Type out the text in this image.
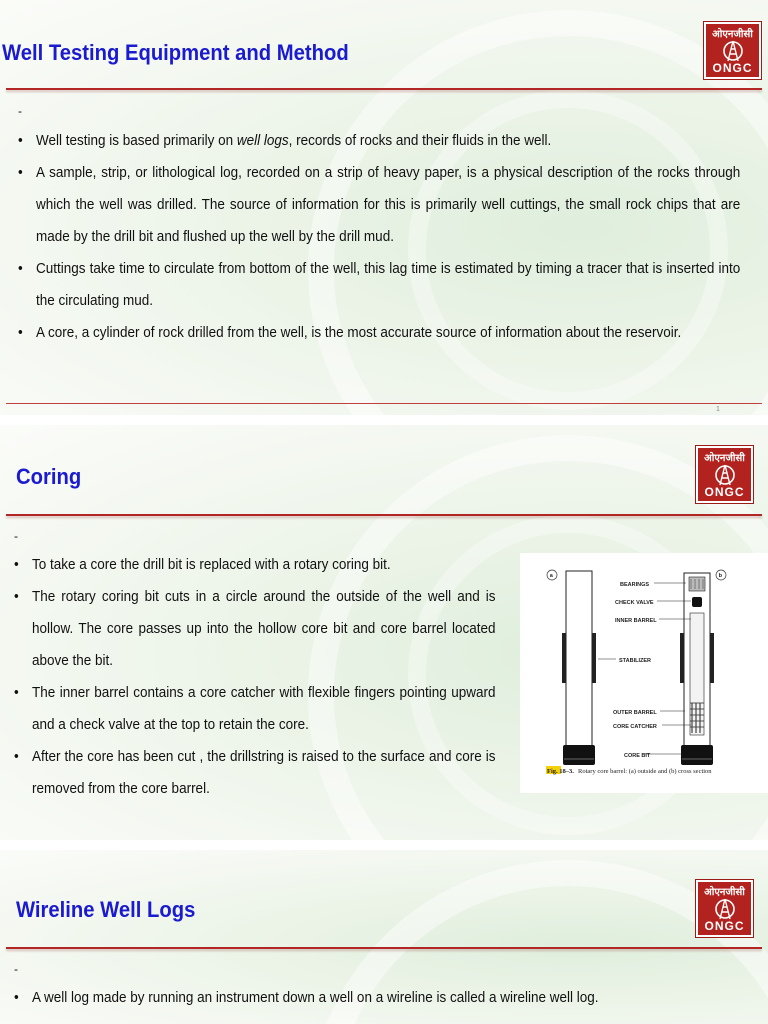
Well Testing Equipment and Method
ओएनजीसी
ONGC
-
• Well testing is based primarily on well logs, records of rocks and their fluids in the well.
• A sample, strip, or lithological log, recorded on a strip of heavy paper, is a physical description of the rocks through which the well was drilled. The source of information for this is primarily well cuttings, the small rock chips that are made by the drill bit and flushed up the well by the drill mud.
• Cuttings take time to circulate from bottom of the well, this lag time is estimated by timing a tracer that is inserted into the circulating mud.
• A core, a cylinder of rock drilled from the well, is the most accurate source of information about the reservoir.
1
Coring
ओएनजीसी
ONGC
-
• To take a core the drill bit is replaced with a rotary coring bit.
• The rotary coring bit cuts in a circle around the outside of the well and is hollow. The core passes up into the hollow core bit and core barrel located above the bit.
• The inner barrel contains a core catcher with flexible fingers pointing upward and a check valve at the top to retain the core.
• After the core has been cut , the drillstring is raised to the surface and core is removed from the core barrel.
a	b
BEARINGS
CHECK VALVE
INNER BARREL
STABILIZER
OUTER BARREL
CORE CATCHER
CORE BIT
Fig. 18–3. Rotary core barrel: (a) outside and (b) cross section
Wireline Well Logs
ओएनजीसी
ONGC
-
• A well log made by running an instrument down a well on a wireline is called a wireline well log.
